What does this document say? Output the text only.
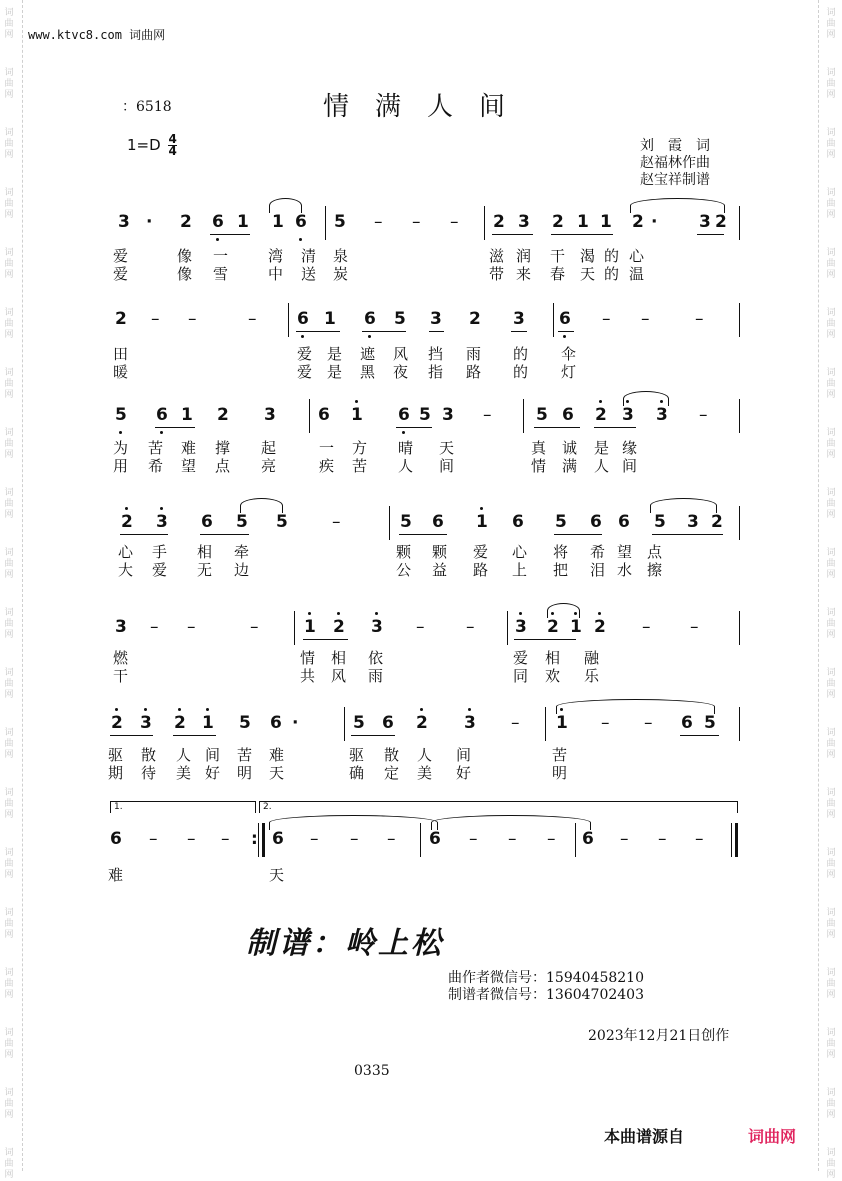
词曲网
词曲网
词曲网
词曲网
词曲网
词曲网
词曲网
词曲网
词曲网
词曲网
词曲网
词曲网
词曲网
词曲网
词曲网
词曲网
词曲网
词曲网
词曲网
词曲网
词曲网
词曲网
词曲网
词曲网
词曲网
词曲网
词曲网
词曲网
词曲网
词曲网
词曲网
词曲网
词曲网
词曲网
词曲网
词曲网
词曲网
词曲网
词曲网
词曲网
www.ktvc8.com 词曲网
：6518	情满人间
$1=D \frac{4}{4}$	刘　霞　词
赵福林作曲
赵宝祥制谱
3 · 2 6 1 1 6 5 – – – 2 3 2 1 1 2 · 3 2
爱	像 一	湾 清 泉	滋 润 干 渴 的 心
爱	像 雪	中 送 炭	带 来 春 天 的 温
2 – –	– 6 1 6 5 3 2 3 6 – –	–
田	爱 是 遮 风 挡 雨 的 伞
暖	爱 是 黑 夜 指 路 的 灯
5 6 1 2 3 6 1 6 5 3 –	5 6 2 3 3 –
为 苦 难 撑 起	一 方 晴 天	真 诚 是 缘
用 希 望 点 亮	疾 苦 人 间	情 满 人 间
2 3 6 5 5	–	5 6 1 6 5 6 6 5 3 2
心 手 相 牵	颗 颗 爱 心 将 希 望 点
大 爱 无 边	公 益 路 上 把 泪 水 擦
3 – –	–	1 2 3 – – 3 2 1 2 – –
燃	情 相 依	爱 相 融
干	共 风 雨	同 欢 乐
2 3 2 1 5 6 ·	5 6 2 3 – 1 – – 6 5
驱 散 人 间 苦 难	驱 散 人 间	苦
期 待 美 好 明 天	确 定 美 好	明
6 – – – : 6 – – – 6 – – – 6 – – –
难	天
1.	2.
制谱：岭上松
曲作者微信号：15940458210
制谱者微信号：13604702403
2023年12月21日创作
0335
本曲谱源自	词曲网
